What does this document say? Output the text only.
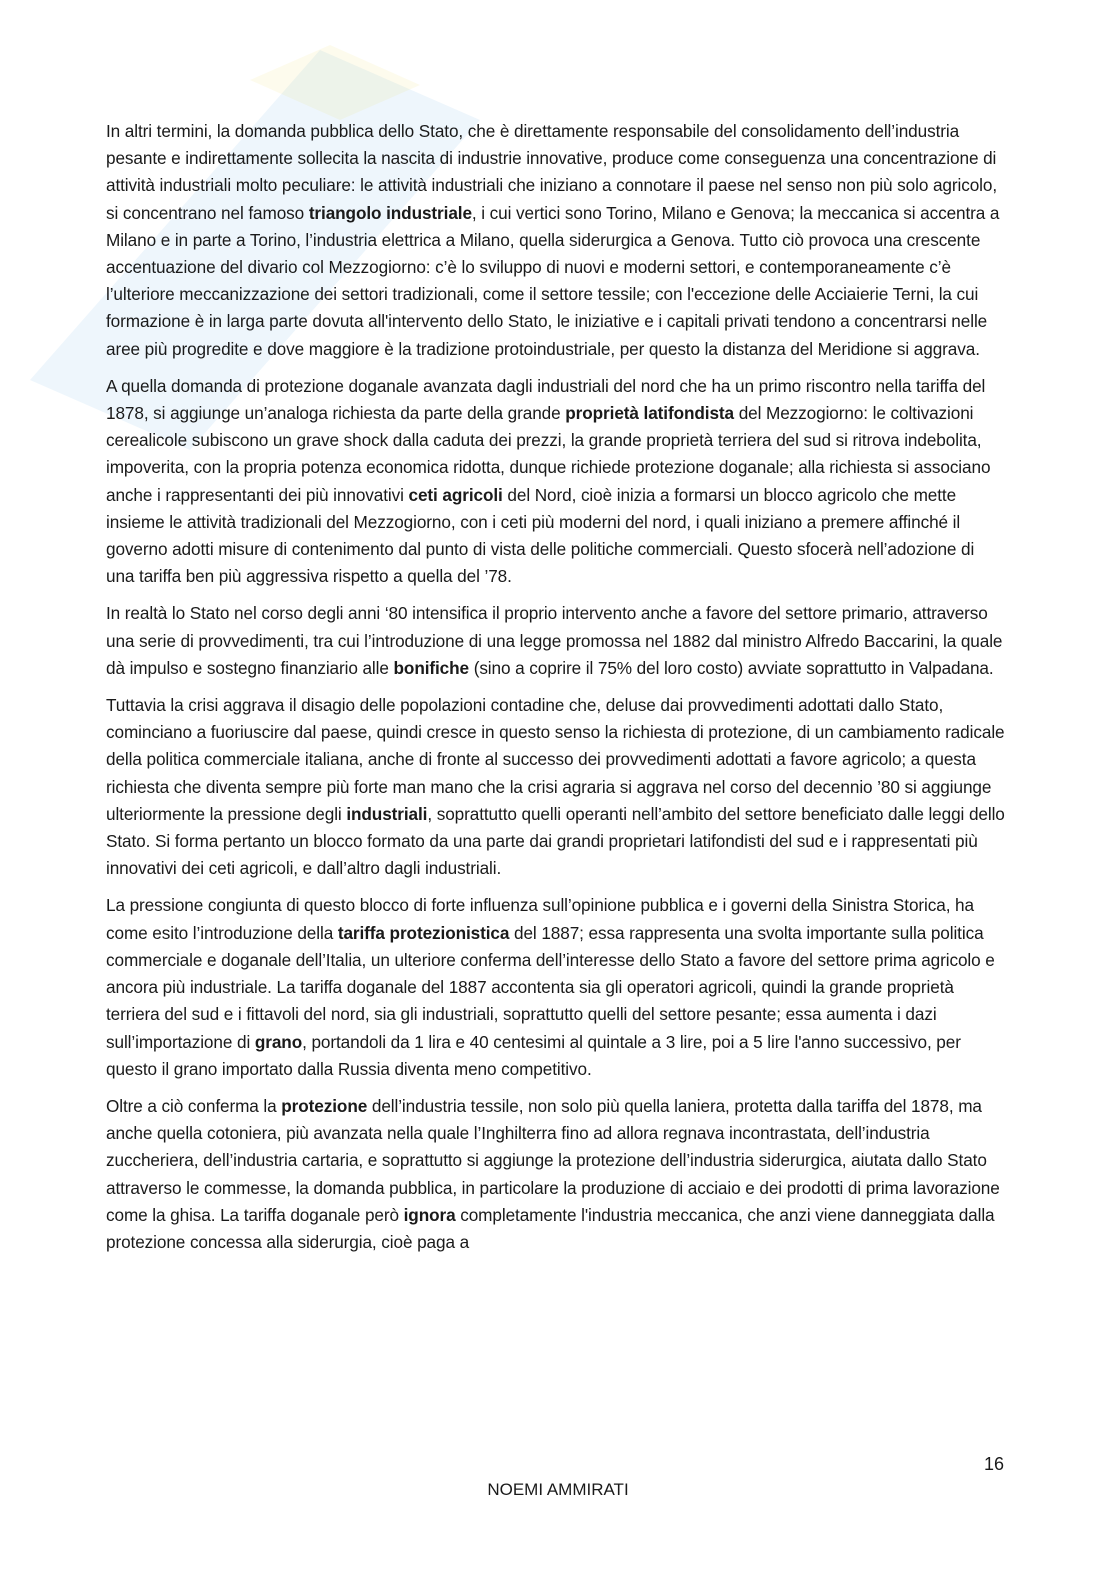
In altri termini, la domanda pubblica dello Stato, che è direttamente responsabile del consolidamento dell’industria pesante e indirettamente sollecita la nascita di industrie innovative, produce come conseguenza una concentrazione di attività industriali molto peculiare: le attività industriali che iniziano a connotare il paese nel senso non più solo agricolo, si concentrano nel famoso triangolo industriale, i cui vertici sono Torino, Milano e Genova; la meccanica si accentra a Milano e in parte a Torino, l’industria elettrica a Milano, quella siderurgica a Genova. Tutto ciò provoca una crescente accentuazione del divario col Mezzogiorno: c’è lo sviluppo di nuovi e moderni settori, e contemporaneamente c’è l’ulteriore meccanizzazione dei settori tradizionali, come il settore tessile; con l'eccezione delle Acciaierie Terni, la cui formazione è in larga parte dovuta all'intervento dello Stato, le iniziative e i capitali privati tendono a concentrarsi nelle aree più progredite e dove maggiore è la tradizione protoindustriale, per questo la distanza del Meridione si aggrava.

A quella domanda di protezione doganale avanzata dagli industriali del nord che ha un primo riscontro nella tariffa del 1878, si aggiunge un’analoga richiesta da parte della grande proprietà latifondista del Mezzogiorno: le coltivazioni cerealicole subiscono un grave shock dalla caduta dei prezzi, la grande proprietà terriera del sud si ritrova indebolita, impoverita, con la propria potenza economica ridotta, dunque richiede protezione doganale; alla richiesta si associano anche i rappresentanti dei più innovativi ceti agricoli del Nord, cioè inizia a formarsi un blocco agricolo che mette insieme le attività tradizionali del Mezzogiorno, con i ceti più moderni del nord, i quali iniziano a premere affinché il governo adotti misure di contenimento dal punto di vista delle politiche commerciali. Questo sfocerà nell’adozione di una tariffa ben più aggressiva rispetto a quella del ’78.

In realtà lo Stato nel corso degli anni ‘80 intensifica il proprio intervento anche a favore del settore primario, attraverso una serie di provvedimenti, tra cui l’introduzione di una legge promossa nel 1882 dal ministro Alfredo Baccarini, la quale dà impulso e sostegno finanziario alle bonifiche (sino a coprire il 75% del loro costo) avviate soprattutto in Valpadana.

Tuttavia la crisi aggrava il disagio delle popolazioni contadine che, deluse dai provvedimenti adottati dallo Stato, cominciano a fuoriuscire dal paese, quindi cresce in questo senso la richiesta di protezione, di un cambiamento radicale della politica commerciale italiana, anche di fronte al successo dei provvedimenti adottati a favore agricolo; a questa richiesta che diventa sempre più forte man mano che la crisi agraria si aggrava nel corso del decennio ’80 si aggiunge ulteriormente la pressione degli industriali, soprattutto quelli operanti nell’ambito del settore beneficiato dalle leggi dello Stato. Si forma pertanto un blocco formato da una parte dai grandi proprietari latifondisti del sud e i rappresentati più innovativi dei ceti agricoli, e dall’altro dagli industriali.

La pressione congiunta di questo blocco di forte influenza sull’opinione pubblica e i governi della Sinistra Storica, ha come esito l’introduzione della tariffa protezionistica del 1887; essa rappresenta una svolta importante sulla politica commerciale e doganale dell’Italia, un ulteriore conferma dell’interesse dello Stato a favore del settore prima agricolo e ancora più industriale. La tariffa doganale del 1887 accontenta sia gli operatori agricoli, quindi la grande proprietà terriera del sud e i fittavoli del nord, sia gli industriali, soprattutto quelli del settore pesante; essa aumenta i dazi sull’importazione di grano, portandoli da 1 lira e 40 centesimi al quintale a 3 lire, poi a 5 lire l'anno successivo, per questo il grano importato dalla Russia diventa meno competitivo.

Oltre a ciò conferma la protezione dell’industria tessile, non solo più quella laniera, protetta dalla tariffa del 1878, ma anche quella cotoniera, più avanzata nella quale l’Inghilterra fino ad allora regnava incontrastata, dell’industria zuccheriera, dell’industria cartaria, e soprattutto si aggiunge la protezione dell’industria siderurgica, aiutata dallo Stato attraverso le commesse, la domanda pubblica, in particolare la produzione di acciaio e dei prodotti di prima lavorazione come la ghisa. La tariffa doganale però ignora completamente l'industria meccanica, che anzi viene danneggiata dalla protezione concessa alla siderurgia, cioè paga a

16
NOEMI AMMIRATI
